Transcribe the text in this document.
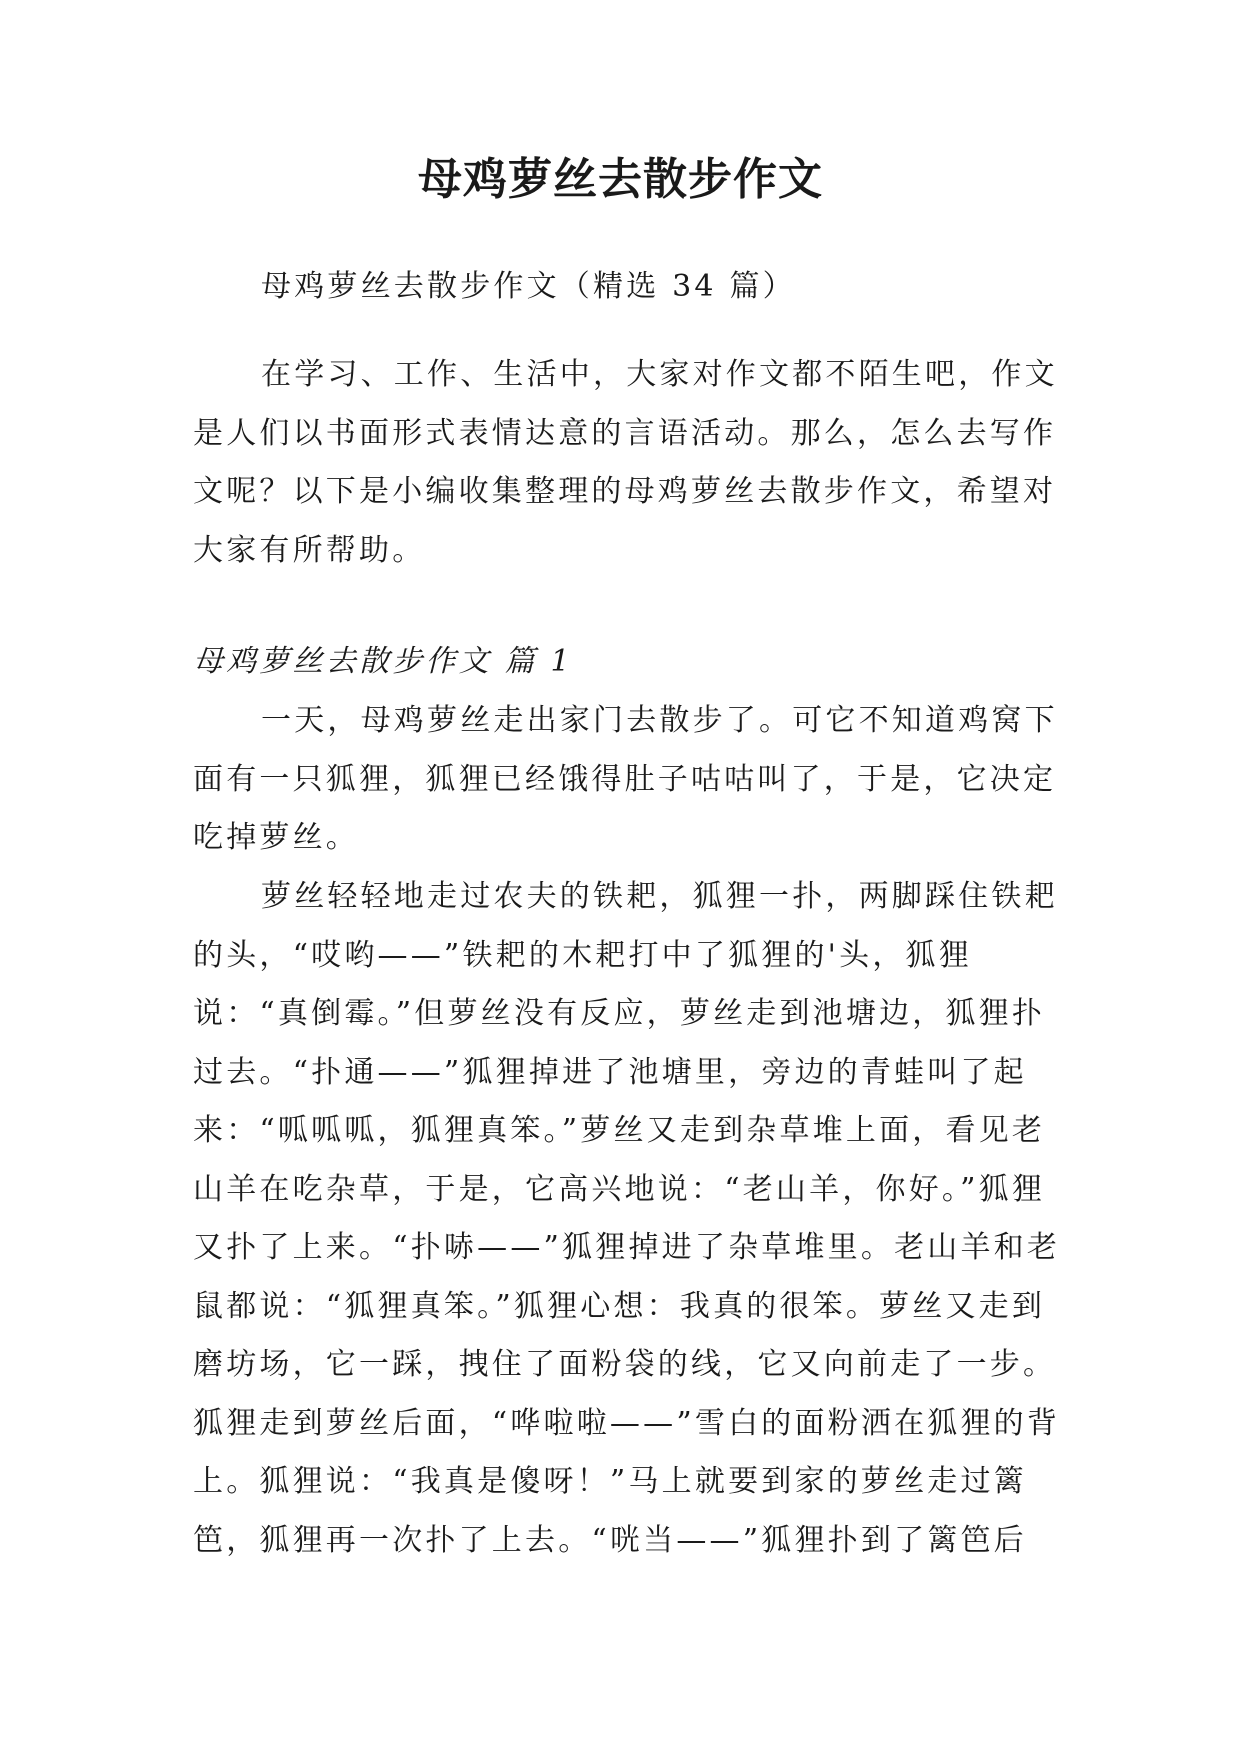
母鸡萝丝去散步作文

母鸡萝丝去散步作文（精选 34 篇）

在学习、工作、生活中，大家对作文都不陌生吧，作文是人们以书面形式表情达意的言语活动。那么，怎么去写作文呢？以下是小编收集整理的母鸡萝丝去散步作文，希望对大家有所帮助。

母鸡萝丝去散步作文 篇 1

一天，母鸡萝丝走出家门去散步了。可它不知道鸡窝下面有一只狐狸，狐狸已经饿得肚子咕咕叫了，于是，它决定吃掉萝丝。

萝丝轻轻地走过农夫的铁耙，狐狸一扑，两脚踩住铁耙的头，“哎哟——”铁耙的木耙打中了狐狸的'头，狐狸说：“真倒霉。”但萝丝没有反应，萝丝走到池塘边，狐狸扑过去。“扑通——”狐狸掉进了池塘里，旁边的青蛙叫了起来：“呱呱呱，狐狸真笨。”萝丝又走到杂草堆上面，看见老山羊在吃杂草，于是，它高兴地说：“老山羊，你好。”狐狸又扑了上来。“扑哧——”狐狸掉进了杂草堆里。老山羊和老鼠都说：“狐狸真笨。”狐狸心想：我真的很笨。萝丝又走到磨坊场，它一踩，拽住了面粉袋的线，它又向前走了一步。狐狸走到萝丝后面，“哗啦啦——”雪白的面粉洒在狐狸的背上。狐狸说：“我真是傻呀！”马上就要到家的萝丝走过篱笆，狐狸再一次扑了上去。“咣当——”狐狸扑到了篱笆后
